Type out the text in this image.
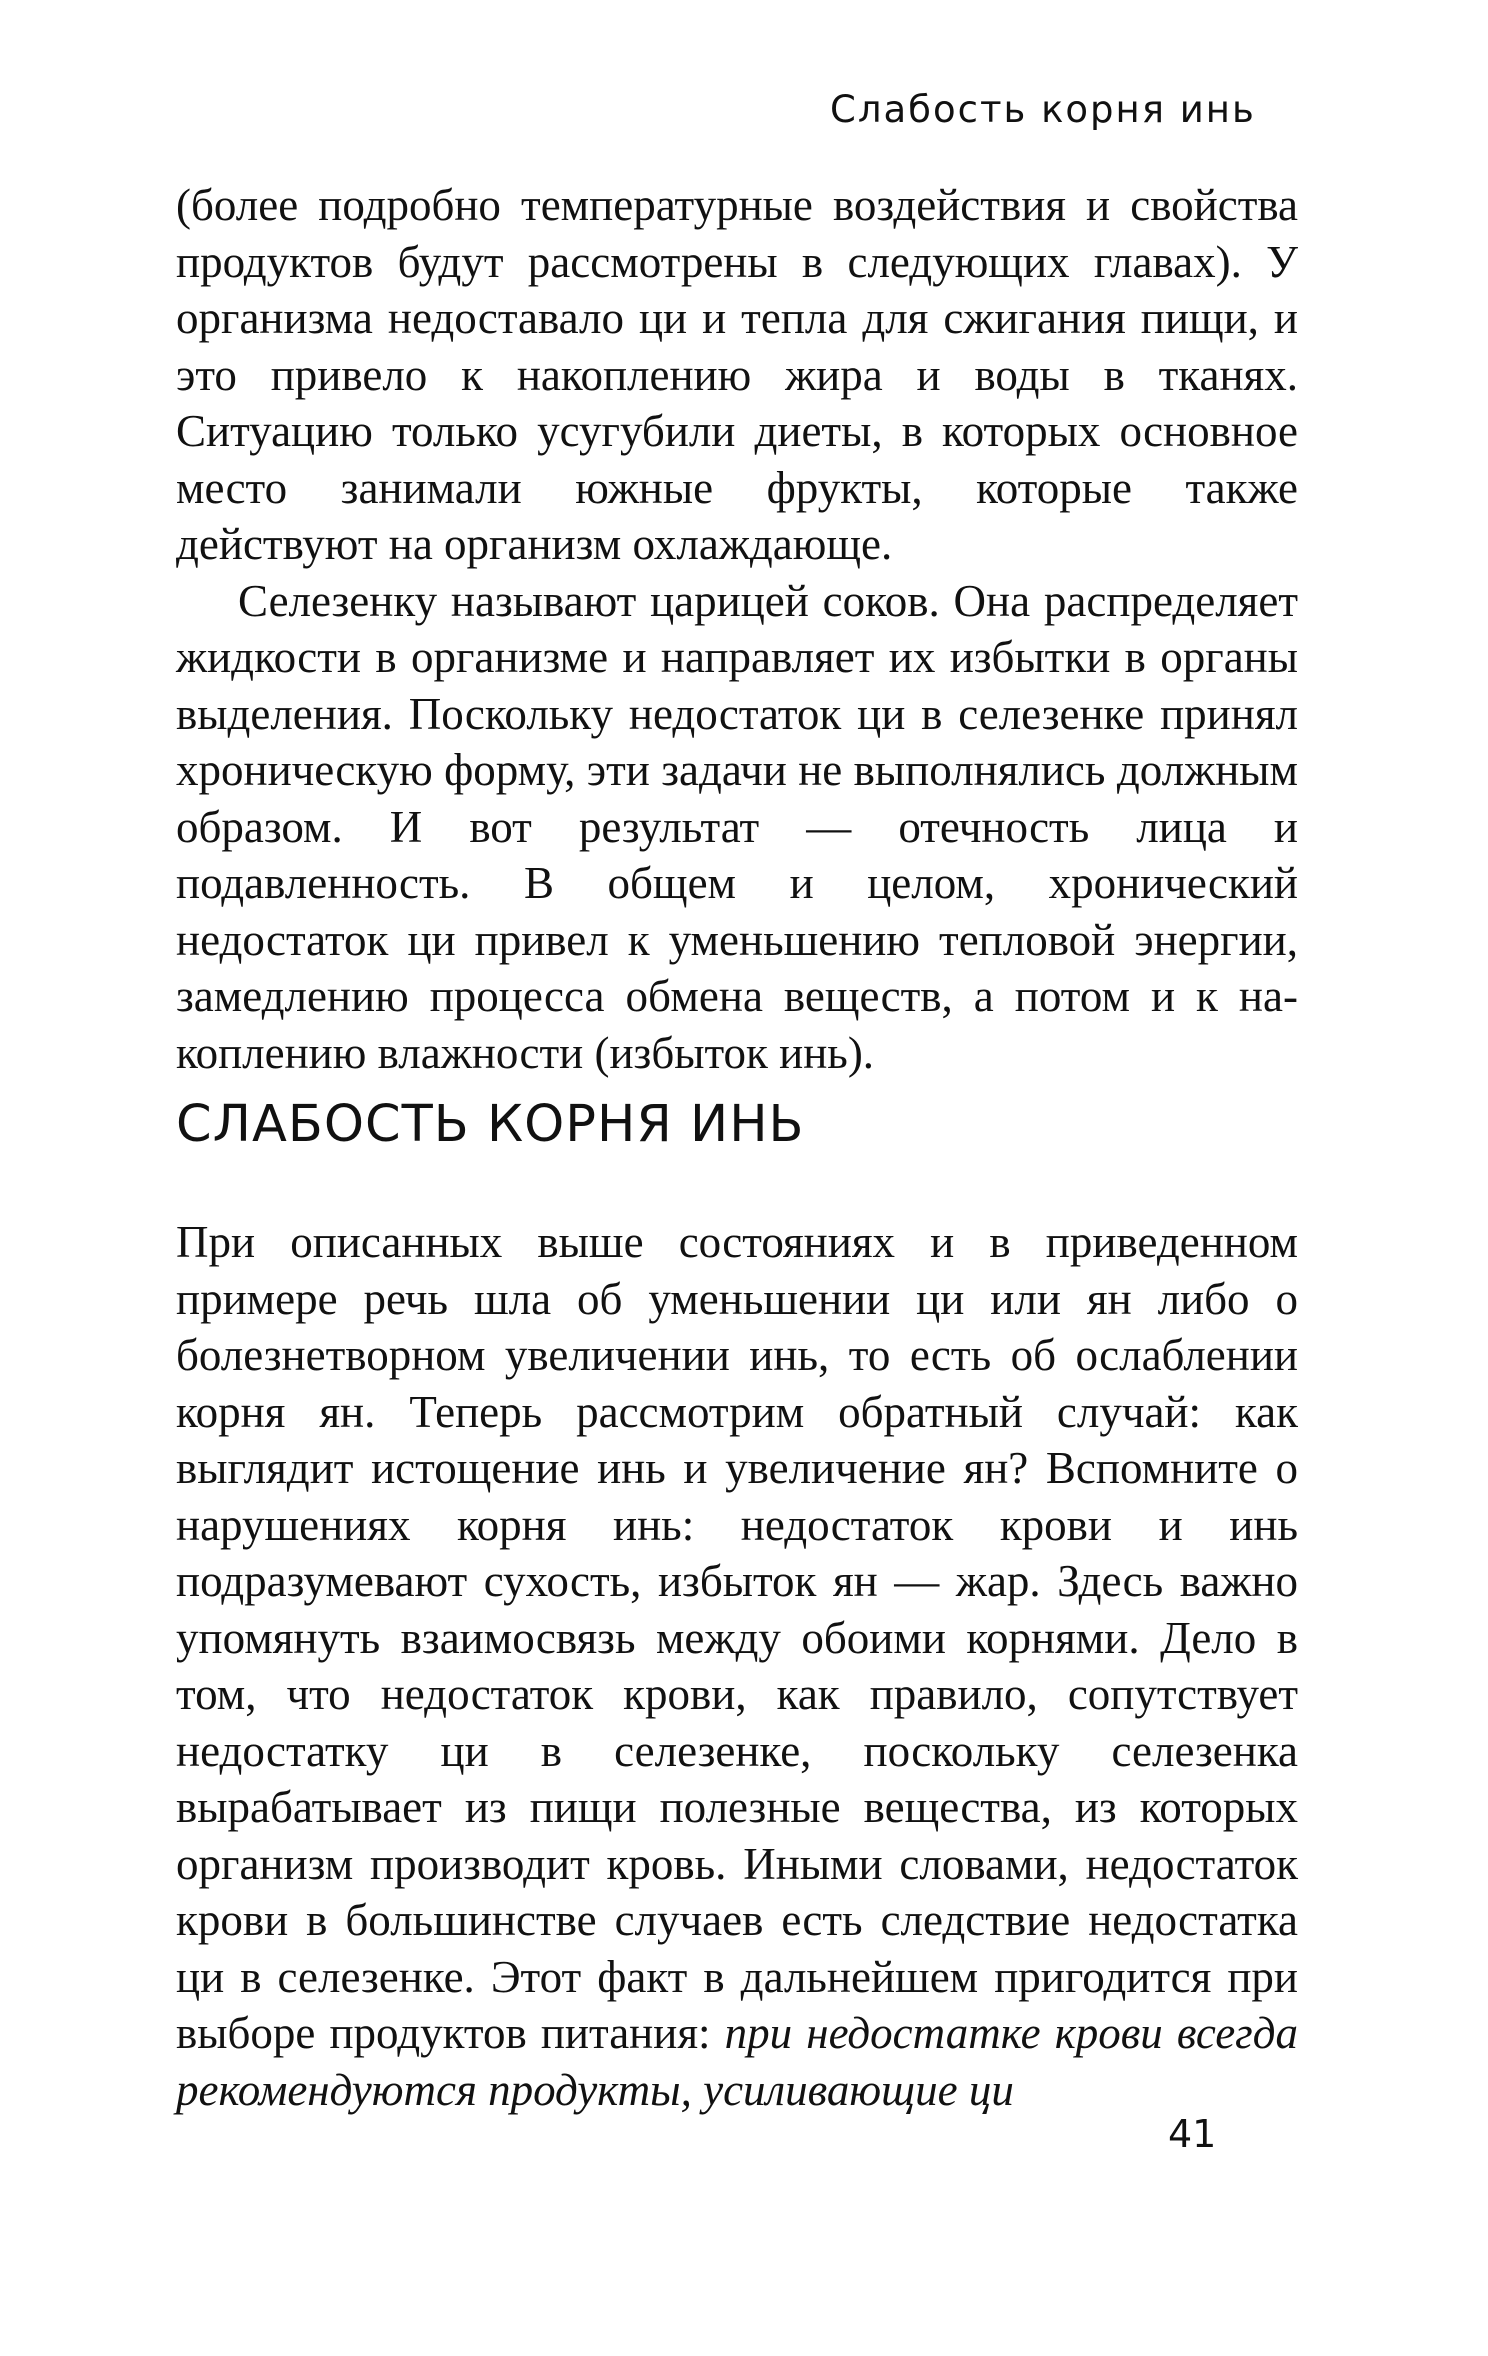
Слабость корня инь

(более подробно температурные воздействия и свойства продуктов будут рассмотрены в следующих главах). У организма недоставало ци и тепла для сжигания пищи, и это привело к накоплению жира и воды в тканях. Ситуацию только усугубили диеты, в которых основное место занимали южные фрукты, которые также действуют на организм охлаждающе.

Селезенку называют царицей соков. Она распределяет жидкости в организме и направляет их избытки в органы выделения. Поскольку недостаток ци в селезенке принял хроническую форму, эти задачи не выполнялись должным образом. И вот результат — отечность лица и подавленность. В общем и целом, хронический недостаток ци привел к уменьшению тепловой энергии, замедлению процесса обмена веществ, а потом и к накоплению влажности (избыток инь).

СЛАБОСТЬ КОРНЯ ИНЬ

При описанных выше состояниях и в приведенном примере речь шла об уменьшении ци или ян либо о болезнетворном увеличении инь, то есть об ослаблении корня ян. Теперь рассмотрим обратный случай: как выглядит истощение инь и увеличение ян? Вспомните о нарушениях корня инь: недостаток крови и инь подразумевают сухость, избыток ян — жар. Здесь важно упомянуть взаимосвязь между обоими корнями. Дело в том, что недостаток крови, как правило, сопутствует недостатку ци в селезенке, поскольку селезенка вырабатывает из пищи полезные вещества, из которых организм производит кровь. Иными словами, недостаток крови в большинстве случаев есть следствие недостатка ци в селезенке. Этот факт в дальнейшем пригодится при выборе продуктов питания: при недостатке крови всегда рекомендуются продукты, усиливающие ци

41
